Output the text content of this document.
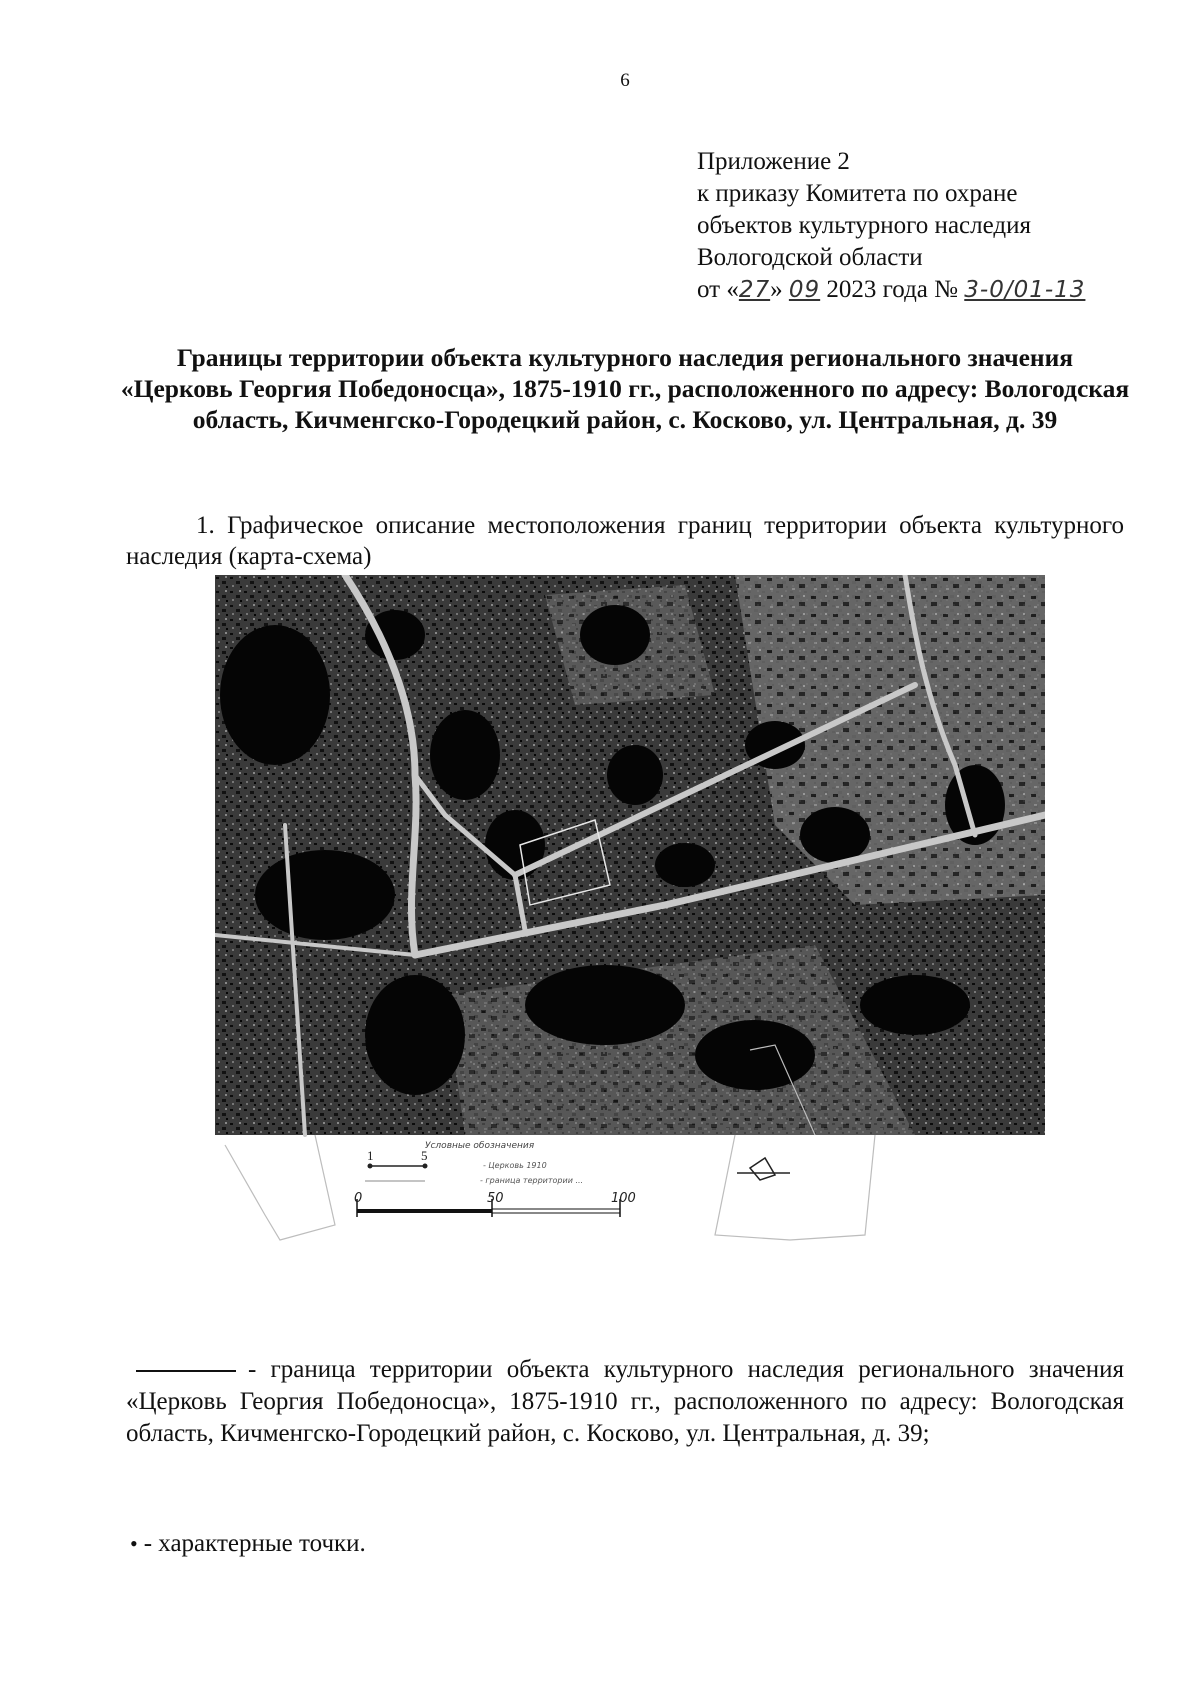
6
Приложение 2
к приказу Комитета по охране
объектов культурного наследия
Вологодской области
от «27» 09 2023 года № 3-0/01-13
Границы территории объекта культурного наследия регионального значения «Церковь Георгия Победоносца», 1875-1910 гг., расположенного по адресу: Вологодская область, Кичменгско-Городецкий район, с. Косково, ул. Центральная, д. 39
1. Графическое описание местоположения границ территории объекта культурного наследия (карта-схема)
Условные обозначения
1	5
- Церковь 1910
- граница территории ...
0	50	100
- граница территории объекта культурного наследия регионального значения «Церковь Георгия Победоносца», 1875-1910 гг., расположенного по адресу: Вологодская область, Кичменгско-Городецкий район, с. Косково, ул. Центральная, д. 39;
• - характерные точки.
